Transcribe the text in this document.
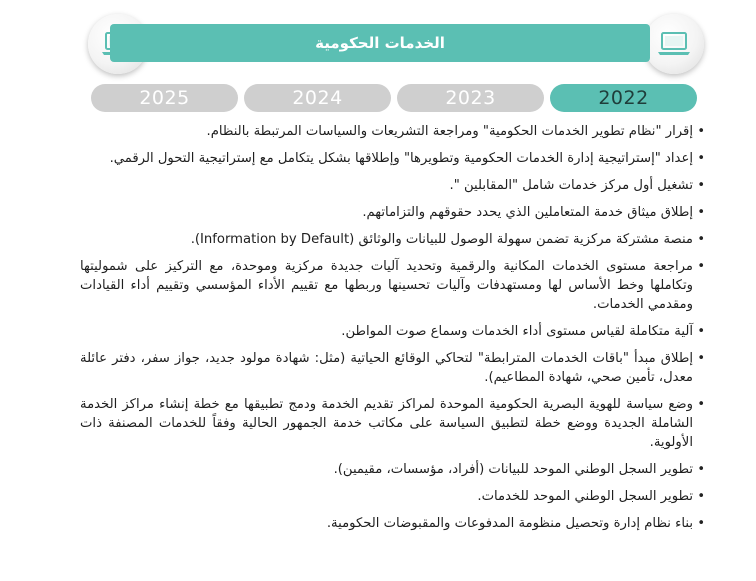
الخدمات الحكومية
2025	2024	2023	2022
• إقرار "نظام تطوير الخدمات الحكومية" ومراجعة التشريعات والسياسات المرتبطة بالنظام.
• إعداد "إستراتيجية إدارة الخدمات الحكومية وتطويرها" وإطلاقها بشكل يتكامل مع إستراتيجية التحول الرقمي.
• تشغيل أول مركز خدمات شامل "المقابلين ".
• إطلاق ميثاق خدمة المتعاملين الذي يحدد حقوقهم والتزاماتهم.
• منصة مشتركة مركزية تضمن سهولة الوصول للبيانات والوثائق (Information by Default).
• مراجعة مستوى الخدمات المكانية والرقمية وتحديد آليات جديدة مركزية وموحدة، مع التركيز على شموليتها وتكاملها وخط الأساس لها ومستهدفات وآليات تحسينها وربطها مع تقييم الأداء المؤسسي وتقييم أداء القيادات ومقدمي الخدمات.
• آلية متكاملة لقياس مستوى أداء الخدمات وسماع صوت المواطن.
• إطلاق مبدأ "باقات الخدمات المترابطة" لتحاكي الوقائع الحياتية (مثل: شهادة مولود جديد، جواز سفر، دفتر عائلة معدل، تأمين صحي، شهادة المطاعيم).
• وضع سياسة للهوية البصرية الحكومية الموحدة لمراكز تقديم الخدمة ودمج تطبيقها مع خطة إنشاء مراكز الخدمة الشاملة الجديدة ووضع خطة لتطبيق السياسة على مكاتب خدمة الجمهور الحالية وفقاً للخدمات المصنفة ذات الأولوية.
• تطوير السجل الوطني الموحد للبيانات (أفراد، مؤسسات، مقيمين).
• تطوير السجل الوطني الموحد للخدمات.
• بناء نظام إدارة وتحصيل منظومة المدفوعات والمقبوضات الحكومية.
